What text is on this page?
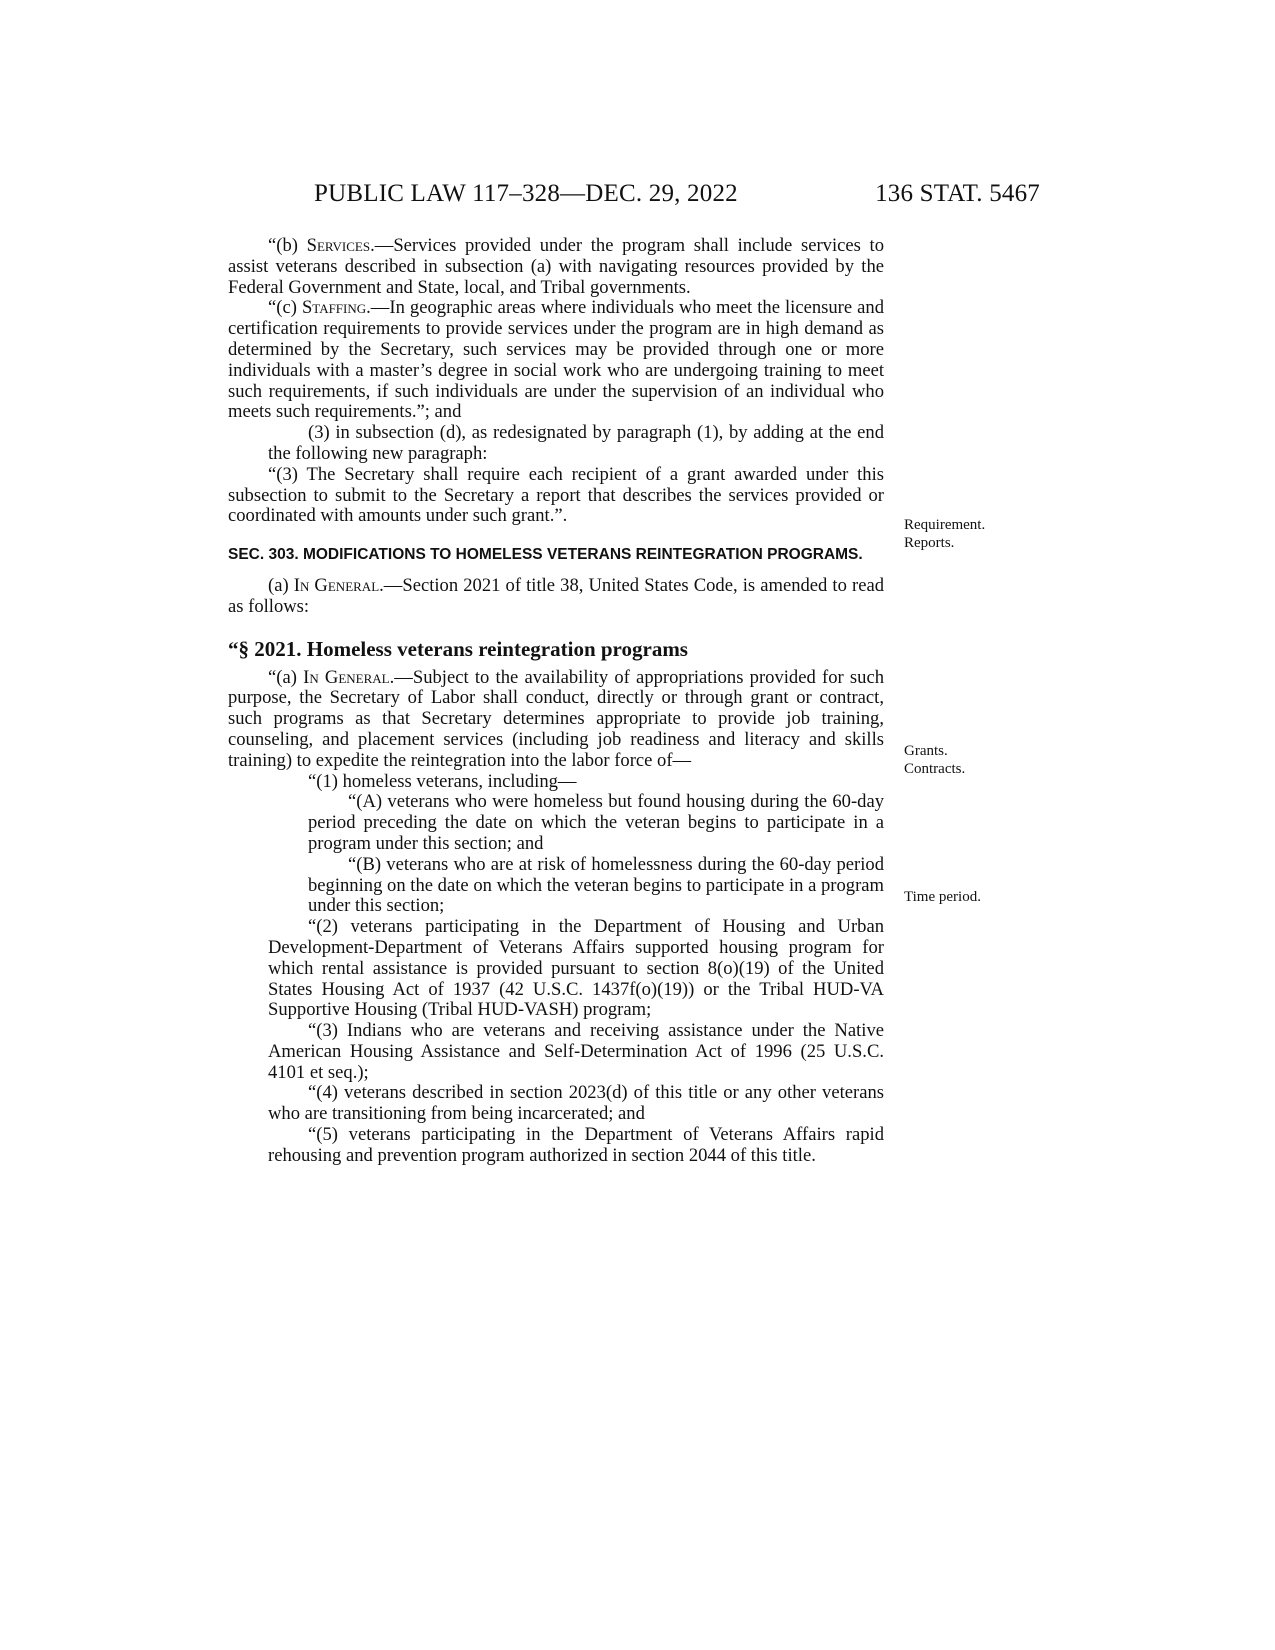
PUBLIC LAW 117–328—DEC. 29, 2022	136 STAT. 5467

“(b) Services.—Services provided under the program shall include services to assist veterans described in subsection (a) with navigating resources provided by the Federal Government and State, local, and Tribal governments.

“(c) Staffing.—In geographic areas where individuals who meet the licensure and certification requirements to provide services under the program are in high demand as determined by the Secretary, such services may be provided through one or more individuals with a master’s degree in social work who are undergoing training to meet such requirements, if such individuals are under the supervision of an individual who meets such requirements.”; and

(3) in subsection (d), as redesignated by paragraph (1), by adding at the end the following new paragraph:

“(3) The Secretary shall require each recipient of a grant awarded under this subsection to submit to the Secretary a report that describes the services provided or coordinated with amounts under such grant.”.

SEC. 303. MODIFICATIONS TO HOMELESS VETERANS REINTEGRATION PROGRAMS.

(a) In General.—Section 2021 of title 38, United States Code, is amended to read as follows:

“§ 2021. Homeless veterans reintegration programs

“(a) In General.—Subject to the availability of appropriations provided for such purpose, the Secretary of Labor shall conduct, directly or through grant or contract, such programs as that Secretary determines appropriate to provide job training, counseling, and placement services (including job readiness and literacy and skills training) to expedite the reintegration into the labor force of—

“(1) homeless veterans, including—

“(A) veterans who were homeless but found housing during the 60-day period preceding the date on which the veteran begins to participate in a program under this section; and

“(B) veterans who are at risk of homelessness during the 60-day period beginning on the date on which the veteran begins to participate in a program under this section;

“(2) veterans participating in the Department of Housing and Urban Development-Department of Veterans Affairs supported housing program for which rental assistance is provided pursuant to section 8(o)(19) of the United States Housing Act of 1937 (42 U.S.C. 1437f(o)(19)) or the Tribal HUD-VA Supportive Housing (Tribal HUD-VASH) program;

“(3) Indians who are veterans and receiving assistance under the Native American Housing Assistance and Self-Determination Act of 1996 (25 U.S.C. 4101 et seq.);

“(4) veterans described in section 2023(d) of this title or any other veterans who are transitioning from being incarcerated; and

“(5) veterans participating in the Department of Veterans Affairs rapid rehousing and prevention program authorized in section 2044 of this title.

Requirement.
Reports.
Grants.
Contracts.
Time period.
